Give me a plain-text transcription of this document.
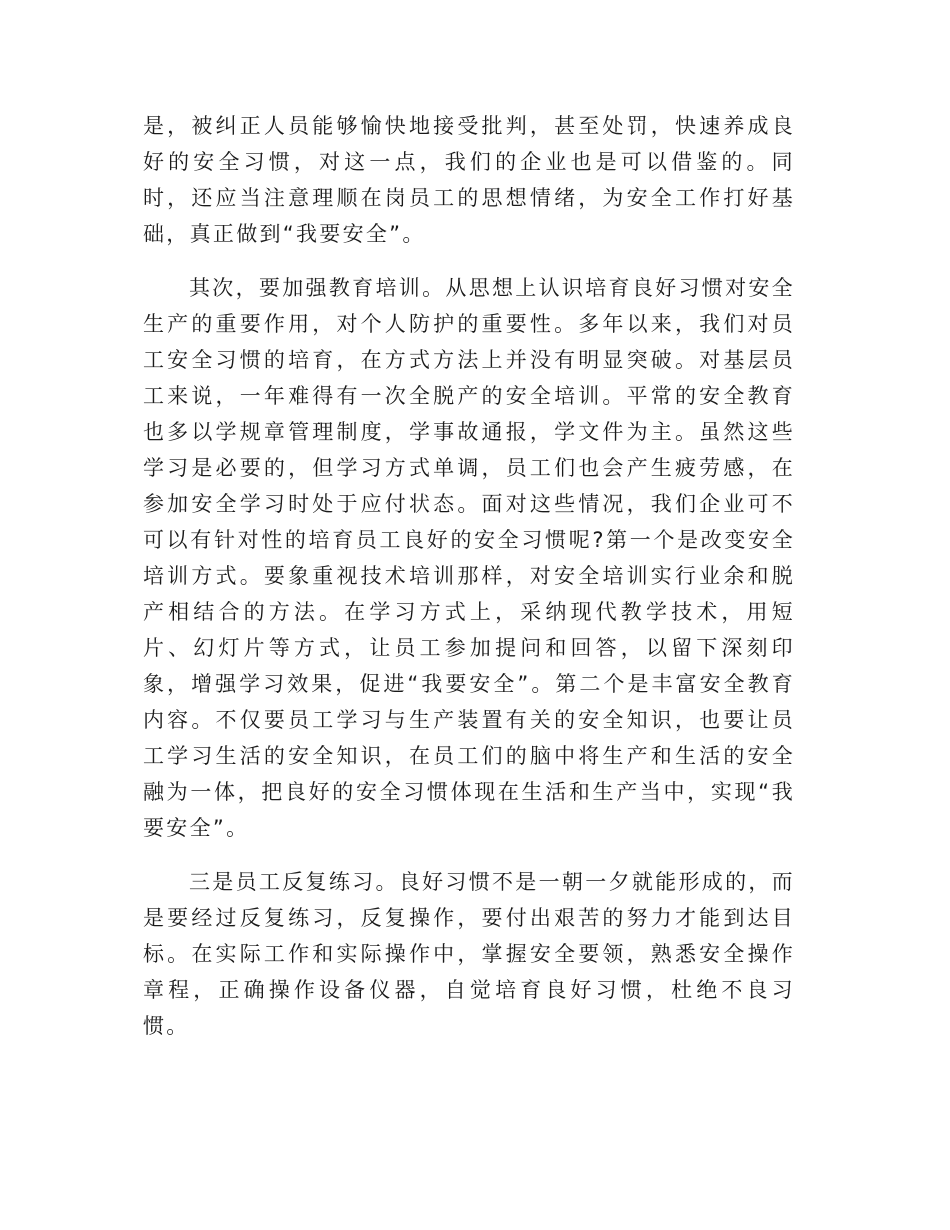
是，被纠正人员能够愉快地接受批判，甚至处罚，快速养成良好的安全习惯，对这一点，我们的企业也是可以借鉴的。同时，还应当注意理顺在岗员工的思想情绪，为安全工作打好基础，真正做到“我要安全”。

其次，要加强教育培训。从思想上认识培育良好习惯对安全生产的重要作用，对个人防护的重要性。多年以来，我们对员工安全习惯的培育，在方式方法上并没有明显突破。对基层员工来说，一年难得有一次全脱产的安全培训。平常的安全教育也多以学规章管理制度，学事故通报，学文件为主。虽然这些学习是必要的，但学习方式单调，员工们也会产生疲劳感，在参加安全学习时处于应付状态。面对这些情况，我们企业可不可以有针对性的培育员工良好的安全习惯呢?第一个是改变安全培训方式。要象重视技术培训那样，对安全培训实行业余和脱产相结合的方法。在学习方式上，采纳现代教学技术，用短片、幻灯片等方式，让员工参加提问和回答，以留下深刻印象，增强学习效果，促进“我要安全”。第二个是丰富安全教育内容。不仅要员工学习与生产装置有关的安全知识，也要让员工学习生活的安全知识，在员工们的脑中将生产和生活的安全融为一体，把良好的安全习惯体现在生活和生产当中，实现“我要安全”。

三是员工反复练习。良好习惯不是一朝一夕就能形成的，而是要经过反复练习，反复操作，要付出艰苦的努力才能到达目标。在实际工作和实际操作中，掌握安全要领，熟悉安全操作章程，正确操作设备仪器，自觉培育良好习惯，杜绝不良习惯。
